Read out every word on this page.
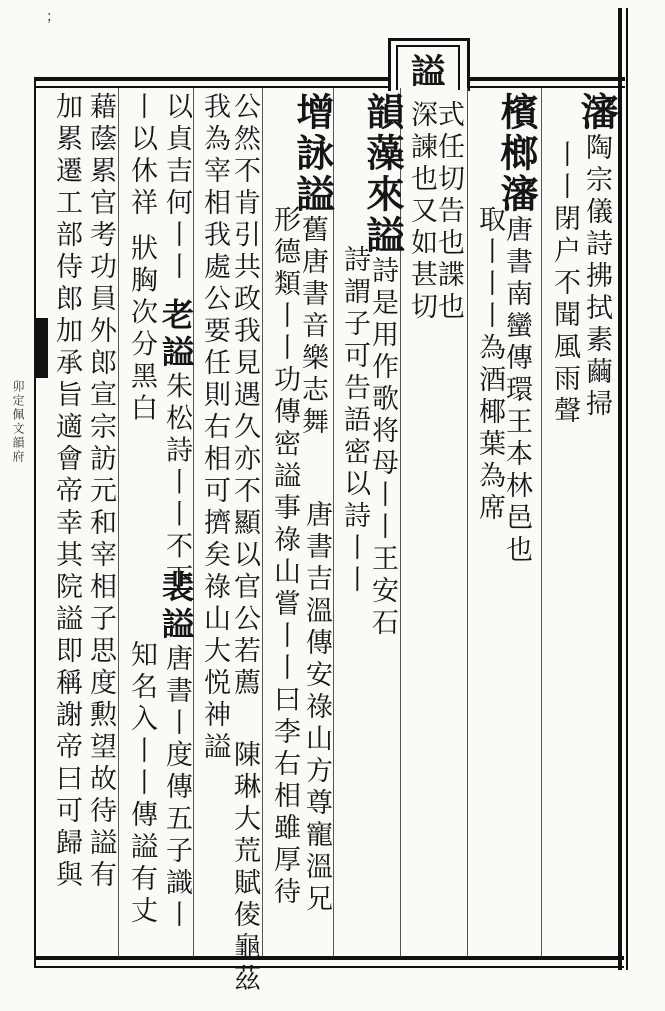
謚
；
卯定佩文韻府
瀋陶宗儀詩拂拭素繭掃
丨丨閉户不聞風雨聲
檳榔瀋唐書南蠻傳環王本林邑也
取丨丨丨為酒椰葉為席
式任切告也諜也
深諫也又如甚切
韻藻來謚詩是用作歌将母丨丨王安石
詩謂子可告語密以詩丨丨
增詠謚舊唐書音樂志舞
形德類丨丨功傳密謚事祿山嘗丨丨曰李右相雖厚待 唐書吉溫傳安祿山方尊寵溫兄
公然不肯引共政我見遇久亦不顯以官公若薦
我為宰相我處公要任則右相可擠矣祿山大悦神謚
以貞吉何丨丨 老謚朱松詩丨丨不下
丨以休祥 狀胸次分黑白
藉蔭累官考功員外郎宣宗訪元和宰相子思度勲望故待謚有
加累遷工部侍郎加承旨適會帝幸其院謚即稱謝帝曰可歸與 裴謚唐書丨度傳五子識丨
知名入丨丨傳謚有丈	陳琳大荒賦倰龜茲
